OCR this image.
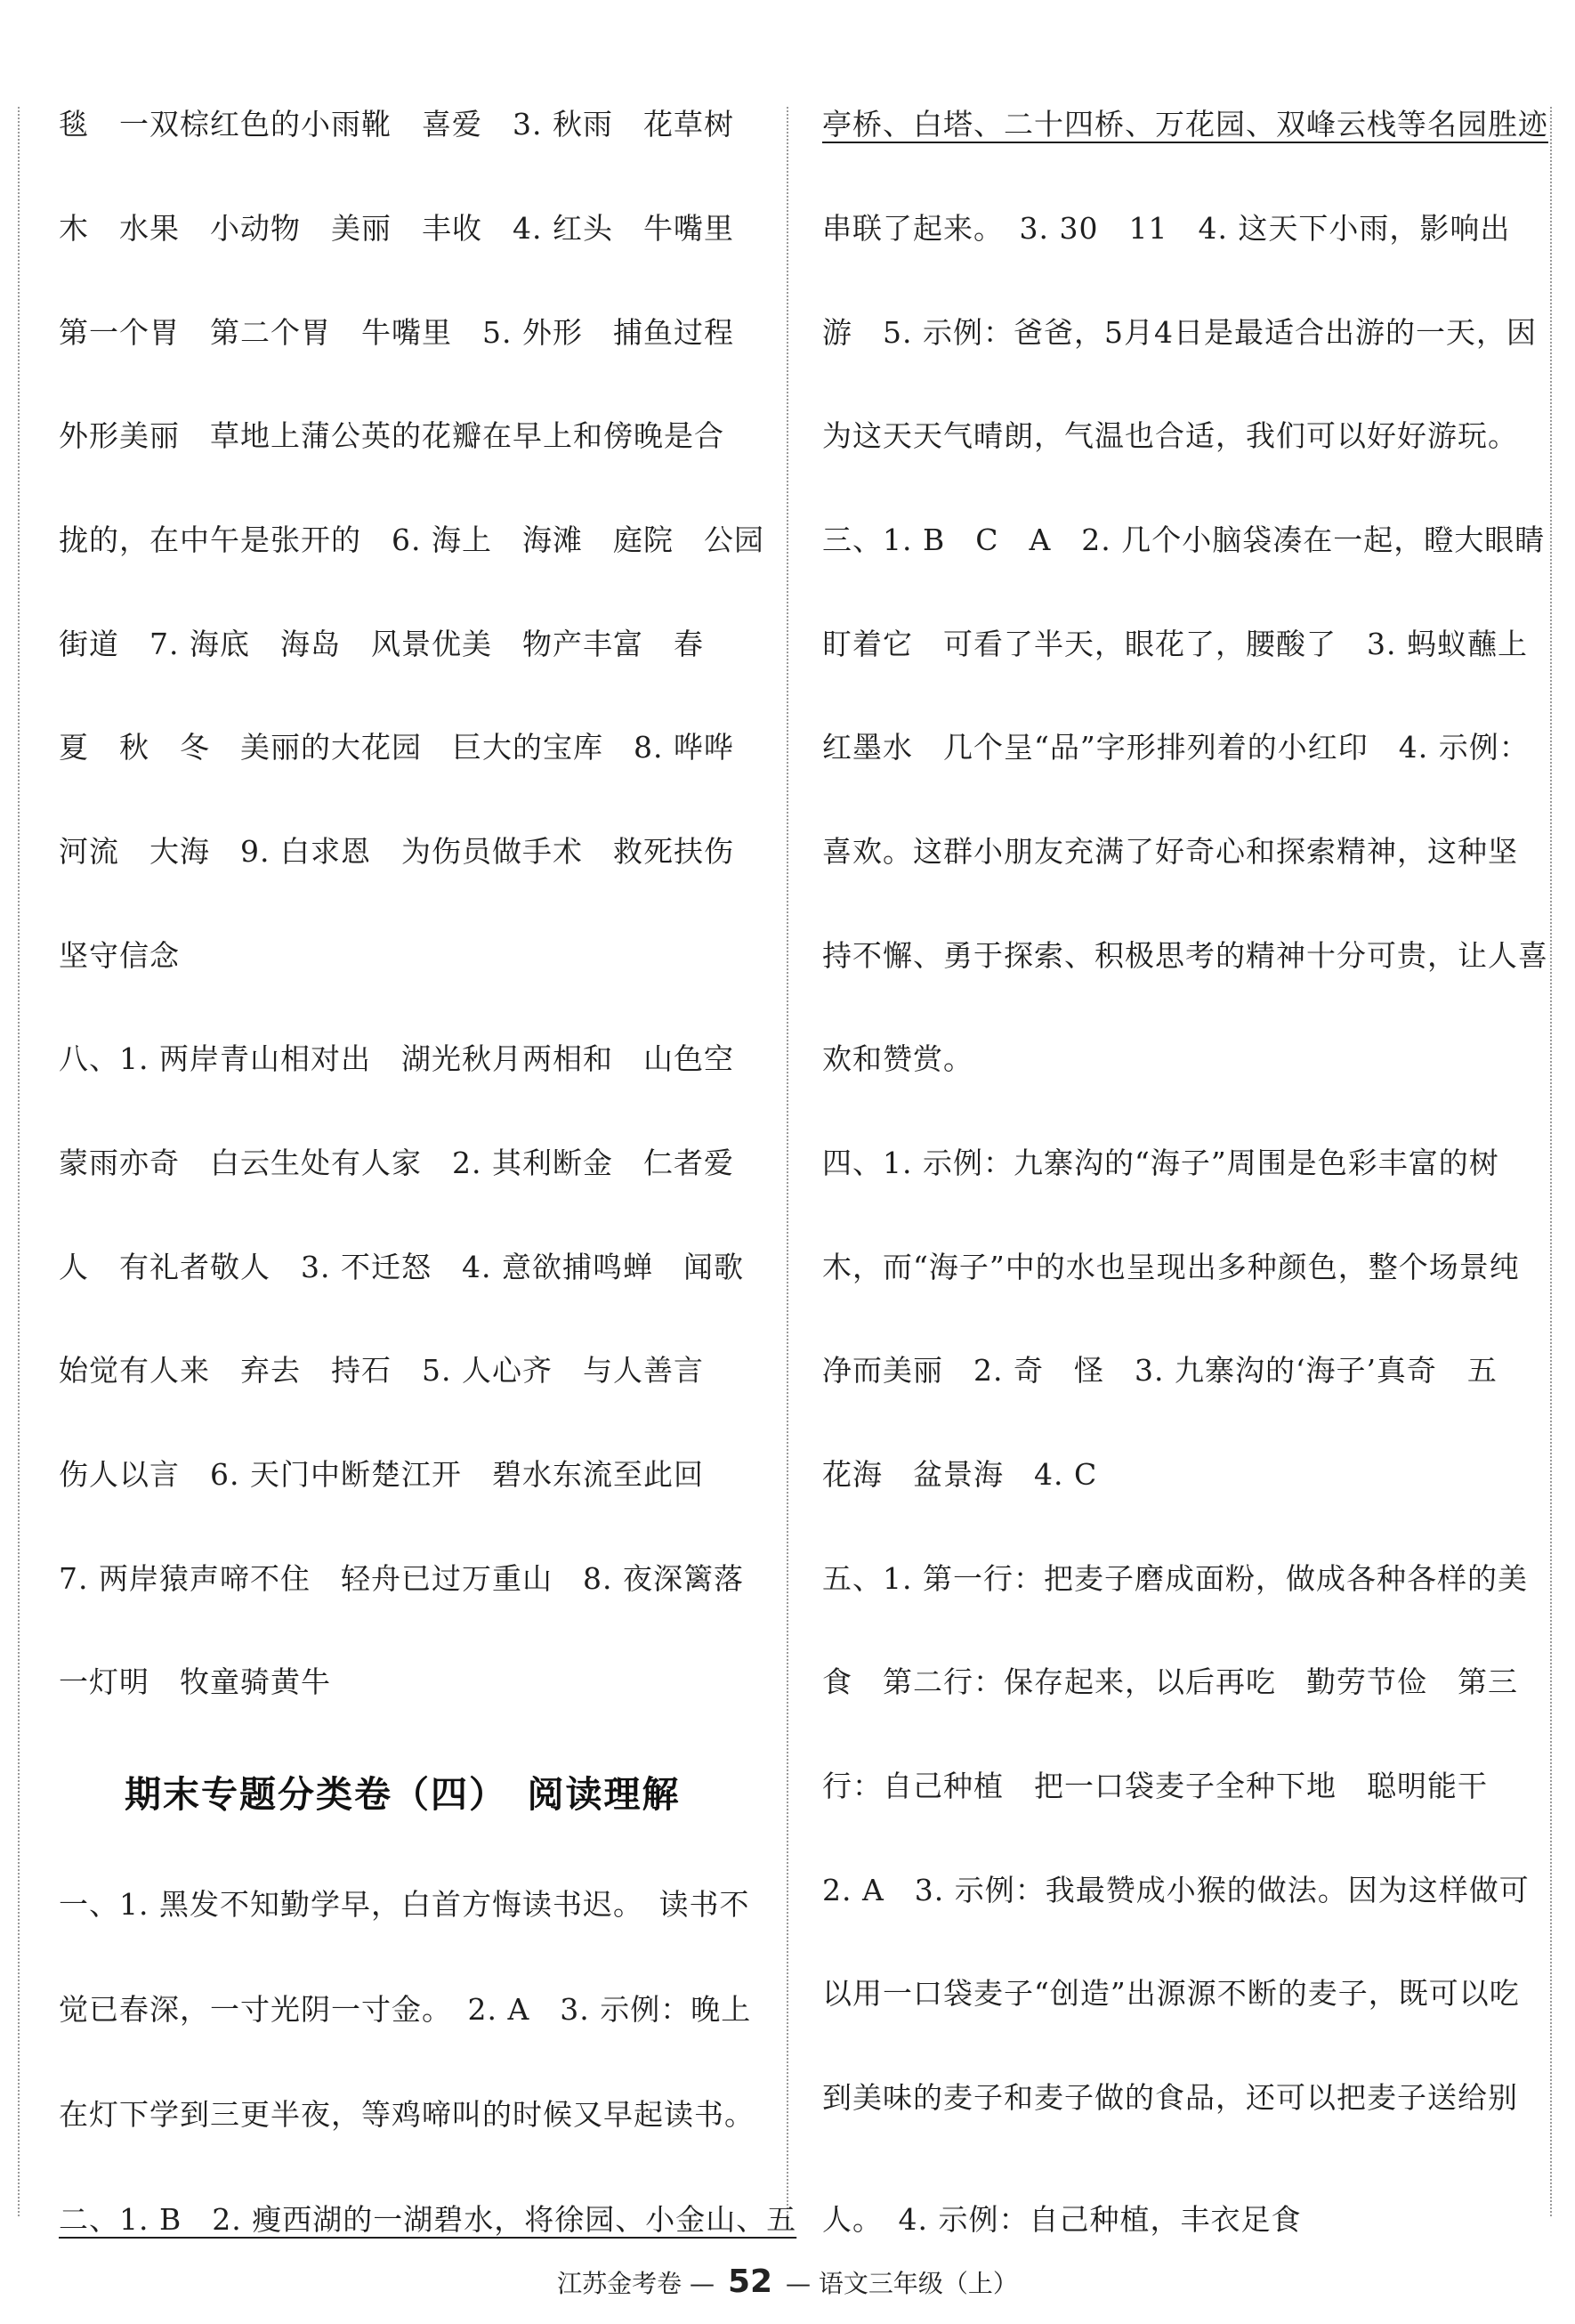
毯　一双棕红色的小雨靴　喜爱　3. 秋雨　花草树
木　水果　小动物　美丽　丰收　4. 红头　牛嘴里
第一个胃　第二个胃　牛嘴里　5. 外形　捕鱼过程
外形美丽　草地上蒲公英的花瓣在早上和傍晚是合
拢的，在中午是张开的　6. 海上　海滩　庭院　公园
街道　7. 海底　海岛　风景优美　物产丰富　春
夏　秋　冬　美丽的大花园　巨大的宝库　8. 哗哗
河流　大海　9. 白求恩　为伤员做手术　救死扶伤
坚守信念
八、1. 两岸青山相对出　湖光秋月两相和　山色空
蒙雨亦奇　白云生处有人家　2. 其利断金　仁者爱
人　有礼者敬人　3. 不迁怒　4. 意欲捕鸣蝉　闻歌
始觉有人来　弃去　持石　5. 人心齐　与人善言
伤人以言　6. 天门中断楚江开　碧水东流至此回
7. 两岸猿声啼不住　轻舟已过万重山　8. 夜深篱落
一灯明　牧童骑黄牛
期末专题分类卷（四）　阅读理解
一、1. 黑发不知勤学早，白首方悔读书迟。　读书不
觉已春深，一寸光阴一寸金。　2. A　3. 示例：晚上
在灯下学到三更半夜，等鸡啼叫的时候又早起读书。
二、1. B　2. 瘦西湖的一湖碧水，将徐园、小金山、五
亭桥、白塔、二十四桥、万花园、双峰云栈等名园胜迹
串联了起来。　3. 30　11　4. 这天下小雨，影响出
游　5. 示例：爸爸，5月4日是最适合出游的一天，因
为这天天气晴朗，气温也合适，我们可以好好游玩。
三、1. B　C　A　2. 几个小脑袋凑在一起，瞪大眼睛
盯着它　可看了半天，眼花了，腰酸了　3. 蚂蚁蘸上
红墨水　几个呈“品”字形排列着的小红印　4. 示例：
喜欢。这群小朋友充满了好奇心和探索精神，这种坚
持不懈、勇于探索、积极思考的精神十分可贵，让人喜
欢和赞赏。
四、1. 示例：九寨沟的“海子”周围是色彩丰富的树
木，而“海子”中的水也呈现出多种颜色，整个场景纯
净而美丽　2. 奇　怪　3. 九寨沟的‘海子’真奇　五
花海　盆景海　4. C
五、1. 第一行：把麦子磨成面粉，做成各种各样的美
食　第二行：保存起来，以后再吃　勤劳节俭　第三
行：自己种植　把一口袋麦子全种下地　聪明能干
2. A　3. 示例：我最赞成小猴的做法。因为这样做可
以用一口袋麦子“创造”出源源不断的麦子，既可以吃
到美味的麦子和麦子做的食品，还可以把麦子送给别
人。　4. 示例：自己种植，丰衣足食
江苏金考卷 — 52 — 语文三年级（上）
